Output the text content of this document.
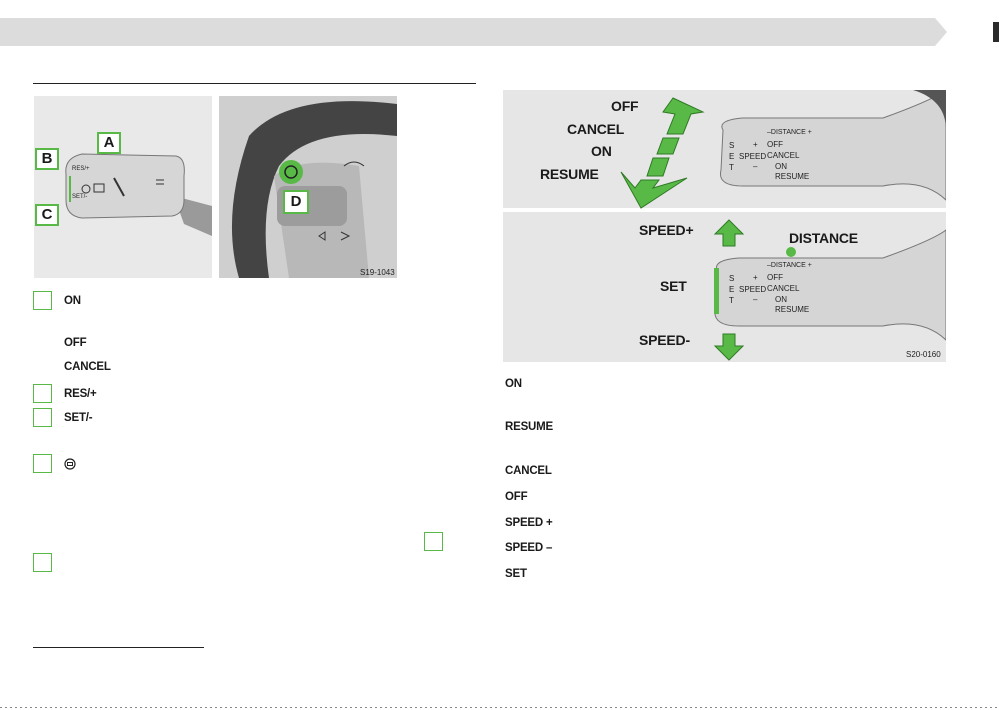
RES/+
SET/-
A
B
C
D
S19-1043
ON
OFF
CANCEL
RES/+
SET/-
OFF
CANCEL
ON
RESUME
–DISTANCE +
S
E
T
+
SPEED
–
OFF
CANCEL
ON
RESUME
SPEED+
SET
SPEED-
DISTANCE
–DISTANCE +
S
E
T
+
SPEED
–
OFF
CANCEL
ON
RESUME
S20-0160
ON
RESUME
CANCEL
OFF
SPEED +
SPEED –
SET
